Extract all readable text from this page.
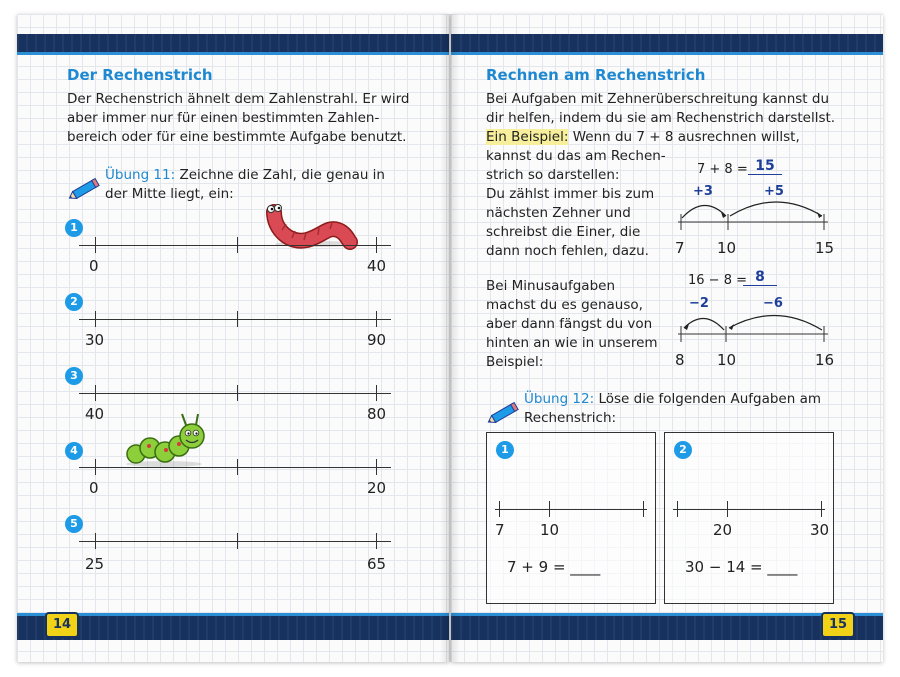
Der Rechenstrich
Der Rechenstrich ähnelt dem Zahlenstrahl. Er wird
aber immer nur für einen bestimmten Zahlen-
bereich oder für eine bestimmte Aufgabe benutzt.
Übung 11: Zeichne die Zahl, die genau in
der Mitte liegt, ein:
1
0	40
2
30	90
3
40	80
4
0	20
5
25	65
14
Rechnen am Rechenstrich
Bei Aufgaben mit Zehnerüberschreitung kannst du
dir helfen, indem du sie am Rechenstrich darstellst.
Ein Beispiel: Wenn du 7 + 8 ausrechnen willst,
kannst du das am Rechen-
strich so darstellen:
Du zählst immer bis zum
nächsten Zehner und
schreibst die Einer, die
dann noch fehlen, dazu.
7 + 8 = 15
+3	+5
7 10	15
Bei Minusaufgaben
machst du es genauso,
aber dann fängst du von
hinten an wie in unserem
Beispiel:
16 − 8 = 8
−2	−6
8 10	16
Übung 12: Löse die folgenden Aufgaben am
Rechenstrich:
1
7 10
7 + 9 = ____
2
20	30
30 − 14 = ____
15
